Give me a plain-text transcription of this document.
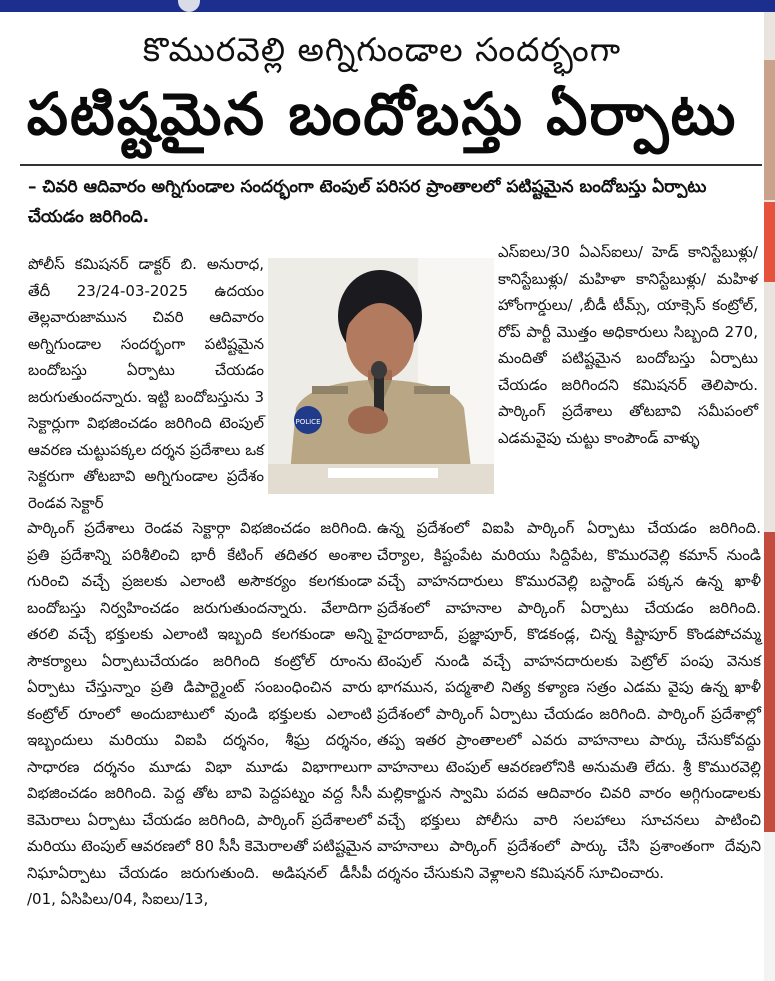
కొమురవెల్లి అగ్నిగుండాల సందర్భంగా
పటిష్టమైన బందోబస్తు ఏర్పాటు
– చివరి ఆదివారం అగ్నిగుండాల సందర్భంగా టెంపుల్ పరిసర ప్రాంతాలలో పటిష్టమైన బందోబస్తు ఏర్పాటు చేయడం జరిగింది.

పోలీస్ కమిషనర్ డాక్టర్ బి. అనురాధ, తేదీ 23/24-03-2025 ఉదయం తెల్లవారుజామున చివరి ఆదివారం అగ్నిగుండాల సందర్భంగా పటిష్టమైన బందోబస్తు ఏర్పాటు చేయడం జరుగుతుందన్నారు. ఇట్టి బందోబస్తును 3 సెక్టార్లుగా విభజించడం జరిగింది టెంపుల్ ఆవరణ చుట్టుపక్కల దర్శన ప్రదేశాలు ఒక సెక్టరుగా తోటబావి అగ్నిగుండాల ప్రదేశం రెండవ సెక్టార్

POLICE

ఎస్ఐలు/30 ఏఎస్ఐలు/ హెడ్ కానిస్టేబుళ్లు/ కానిస్టేబుళ్లు/ మహిళా కానిస్టేబుళ్లు/ మహిళ హోంగార్డులు/ ,బీడీ టీమ్స్, యాక్సెస్ కంట్రోల్, రోప్ పార్టీ మొత్తం అధికారులు సిబ్బంది 270, మందితో పటిష్టమైన బందోబస్తు ఏర్పాటు చేయడం జరిగిందని కమిషనర్ తెలిపారు. పార్కింగ్ ప్రదేశాలు తోటబావి సమీపంలో ఎడమవైపు చుట్టు కాంపౌండ్ వాళ్ళు

పార్కింగ్ ప్రదేశాలు రెండవ సెక్టార్గా విభజించడం జరిగింది. ప్రతి ప్రదేశాన్ని పరిశీలించి భారీ కేటింగ్ తదితర అంశాల గురించి వచ్చే ప్రజలకు ఎలాంటి అసౌకర్యం కలగకుండా బందోబస్తు నిర్వహించడం జరుగుతుందన్నారు. వేలాదిగా తరలి వచ్చే భక్తులకు ఎలాంటి ఇబ్బంది కలగకుండా అన్ని సౌకర్యాలు ఏర్పాటుచేయడం జరిగింది కంట్రోల్ రూంను ఏర్పాటు చేస్తున్నాం ప్రతి డిపార్ట్మెంట్ సంబంధించిన వారు కంట్రోల్ రూంలో అందుబాటులో వుండి భక్తులకు ఎలాంటి ఇబ్బందులు మరియు విఐపి దర్శనం, శీఘ్ర దర్శనం, సాధారణ దర్శనం మూడు విభా మూడు విభాగాలుగా విభజించడం జరిగింది. పెద్ద తోట బావి పెద్దపట్నం వద్ద సీసీ కెమెరాలు ఏర్పాటు చేయడం జరిగింది, పార్కింగ్ ప్రదేశాలలో మరియు టెంపుల్ ఆవరణలో 80 సీసీ కెమెరాలతో పటిష్టమైన నిఘాఏర్పాటు చేయడం జరుగుతుంది. అడిషనల్ డీసీపీ /01, ఏసిపిలు/04, సిఐలు/13,

ఉన్న ప్రదేశంలో విఐపి పార్కింగ్ ఏర్పాటు చేయడం జరిగింది. చేర్యాల, కిష్టంపేట మరియు సిద్దిపేట, కొమురవెల్లి కమాన్ నుండి వచ్చే వాహనదారులు కొమురవెల్లి బస్టాండ్ పక్కన ఉన్న ఖాళీ ప్రదేశంలో వాహనాల పార్కింగ్ ఏర్పాటు చేయడం జరిగింది. హైదరాబాద్, ప్రజ్ఞాపూర్, కొడకండ్ల, చిన్న కిష్టాపూర్ కొండపోచమ్మ టెంపుల్ నుండి వచ్చే వాహనదారులకు పెట్రోల్ పంపు వెనుక భాగమున, పద్మశాలి నిత్య కళ్యాణ సత్రం ఎడమ వైపు ఉన్న ఖాళీ ప్రదేశంలో పార్కింగ్ ఏర్పాటు చేయడం జరిగింది. పార్కింగ్ ప్రదేశాల్లో తప్ప ఇతర ప్రాంతాలలో ఎవరు వాహనాలు పార్కు చేసుకోవద్దు వాహనాలు టెంపుల్ ఆవరణలోనికి అనుమతి లేదు. శ్రీ కొమురవెల్లి మల్లికార్జున స్వామి పదవ ఆదివారం చివరి వారం అగ్గిగుండాలకు వచ్చే భక్తులు పోలీసు వారి సలహాలు సూచనలు పాటించి వాహనాలు పార్కింగ్ ప్రదేశంలో పార్కు చేసి ప్రశాంతంగా దేవుని దర్శనం చేసుకుని వెళ్లాలని కమిషనర్ సూచించారు.
